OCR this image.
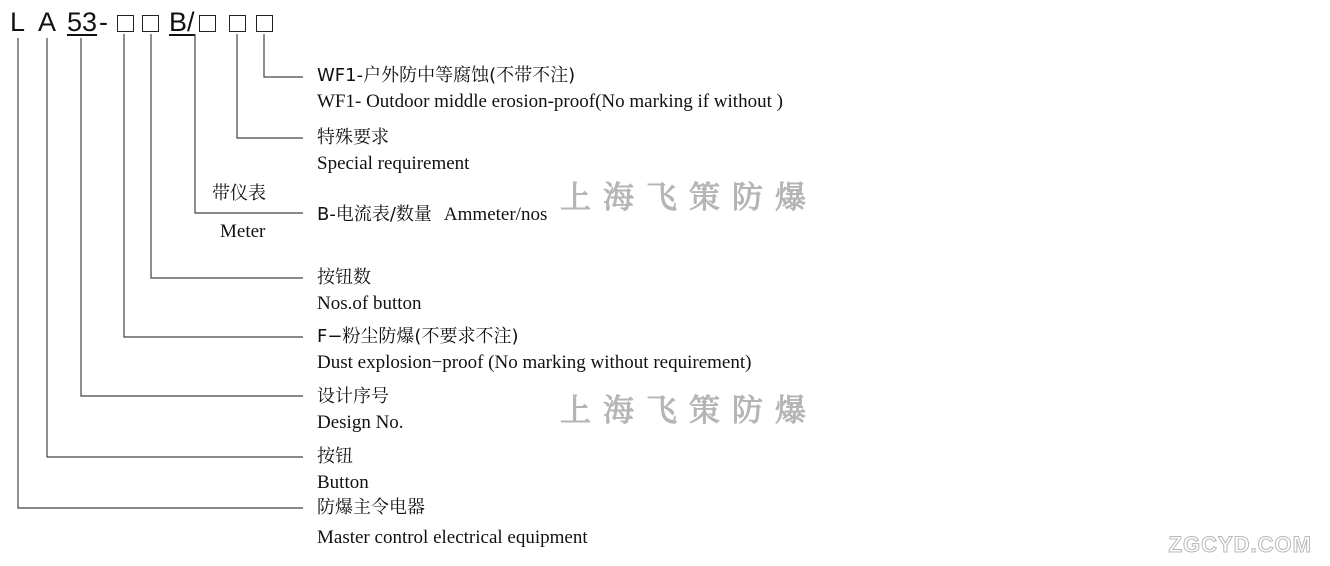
L A 53 - B/
WF1-户外防中等腐蚀(不带不注)
WF1- Outdoor middle erosion-proof(No marking if without )
特殊要求
Special requirement
B-电流表/数量 Ammeter/nos
带仪表
Meter
按钮数
Nos.of button
F−粉尘防爆(不要求不注)
Dust explosion−proof (No marking without requirement)
设计序号
Design No.
按钮
Button
防爆主令电器
Master control electrical equipment
上海飞策防爆
上海飞策防爆
ZGCYD.COM
